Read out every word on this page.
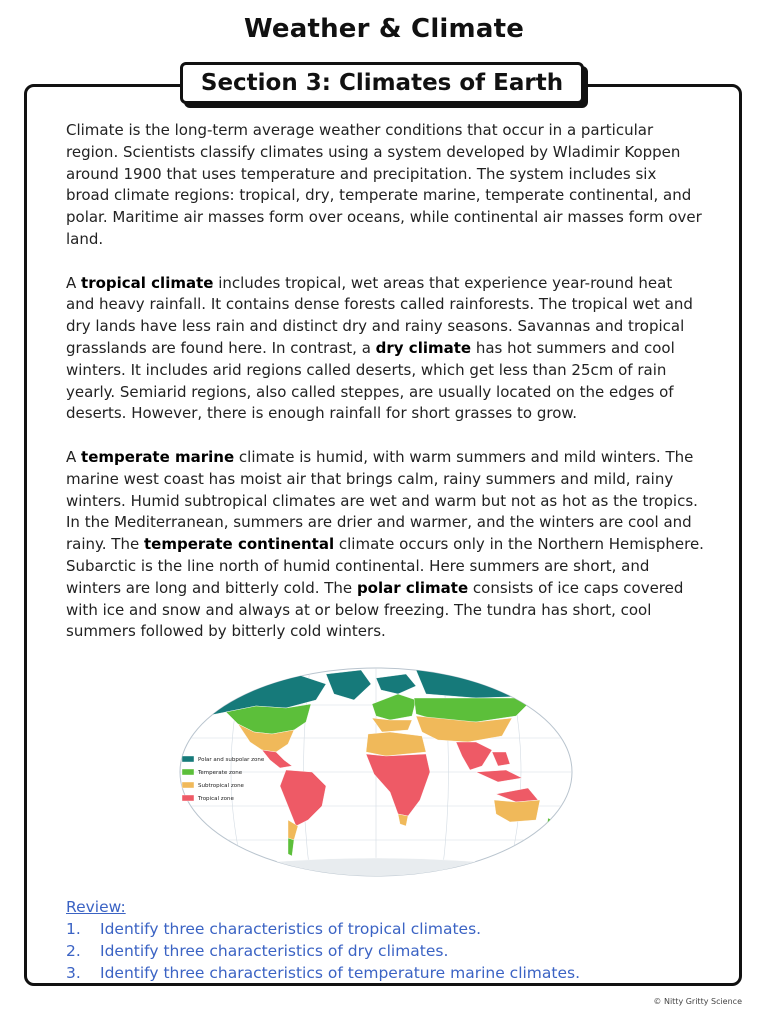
Weather & Climate
Section 3: Climates of Earth

Climate is the long-term average weather conditions that occur in a particular region. Scientists classify climates using a system developed by Wladimir Koppen around 1900 that uses temperature and precipitation. The system includes six broad climate regions: tropical, dry, temperate marine, temperate continental, and polar. Maritime air masses form over oceans, while continental air masses form over land.

A tropical climate includes tropical, wet areas that experience year-round heat and heavy rainfall. It contains dense forests called rainforests. The tropical wet and dry lands have less rain and distinct dry and rainy seasons. Savannas and tropical grasslands are found here. In contrast, a dry climate has hot summers and cool winters. It includes arid regions called deserts, which get less than 25cm of rain yearly. Semiarid regions, also called steppes, are usually located on the edges of deserts. However, there is enough rainfall for short grasses to grow.

A temperate marine climate is humid, with warm summers and mild winters. The marine west coast has moist air that brings calm, rainy summers and mild, rainy winters. Humid subtropical climates are wet and warm but not as hot as the tropics. In the Mediterranean, summers are drier and warmer, and the winters are cool and rainy. The temperate continental climate occurs only in the Northern Hemisphere. Subarctic is the line north of humid continental. Here summers are short, and winters are long and bitterly cold. The polar climate consists of ice caps covered with ice and snow and always at or below freezing. The tundra has short, cool summers followed by bitterly cold winters.

Polar and subpolar zone
Temperate zone
Subtropical zone
Tropical zone
Review:
1.	Identify three characteristics of tropical climates.
2.	Identify three characteristics of dry climates.
3.	Identify three characteristics of temperature marine climates.
© Nitty Gritty Science
